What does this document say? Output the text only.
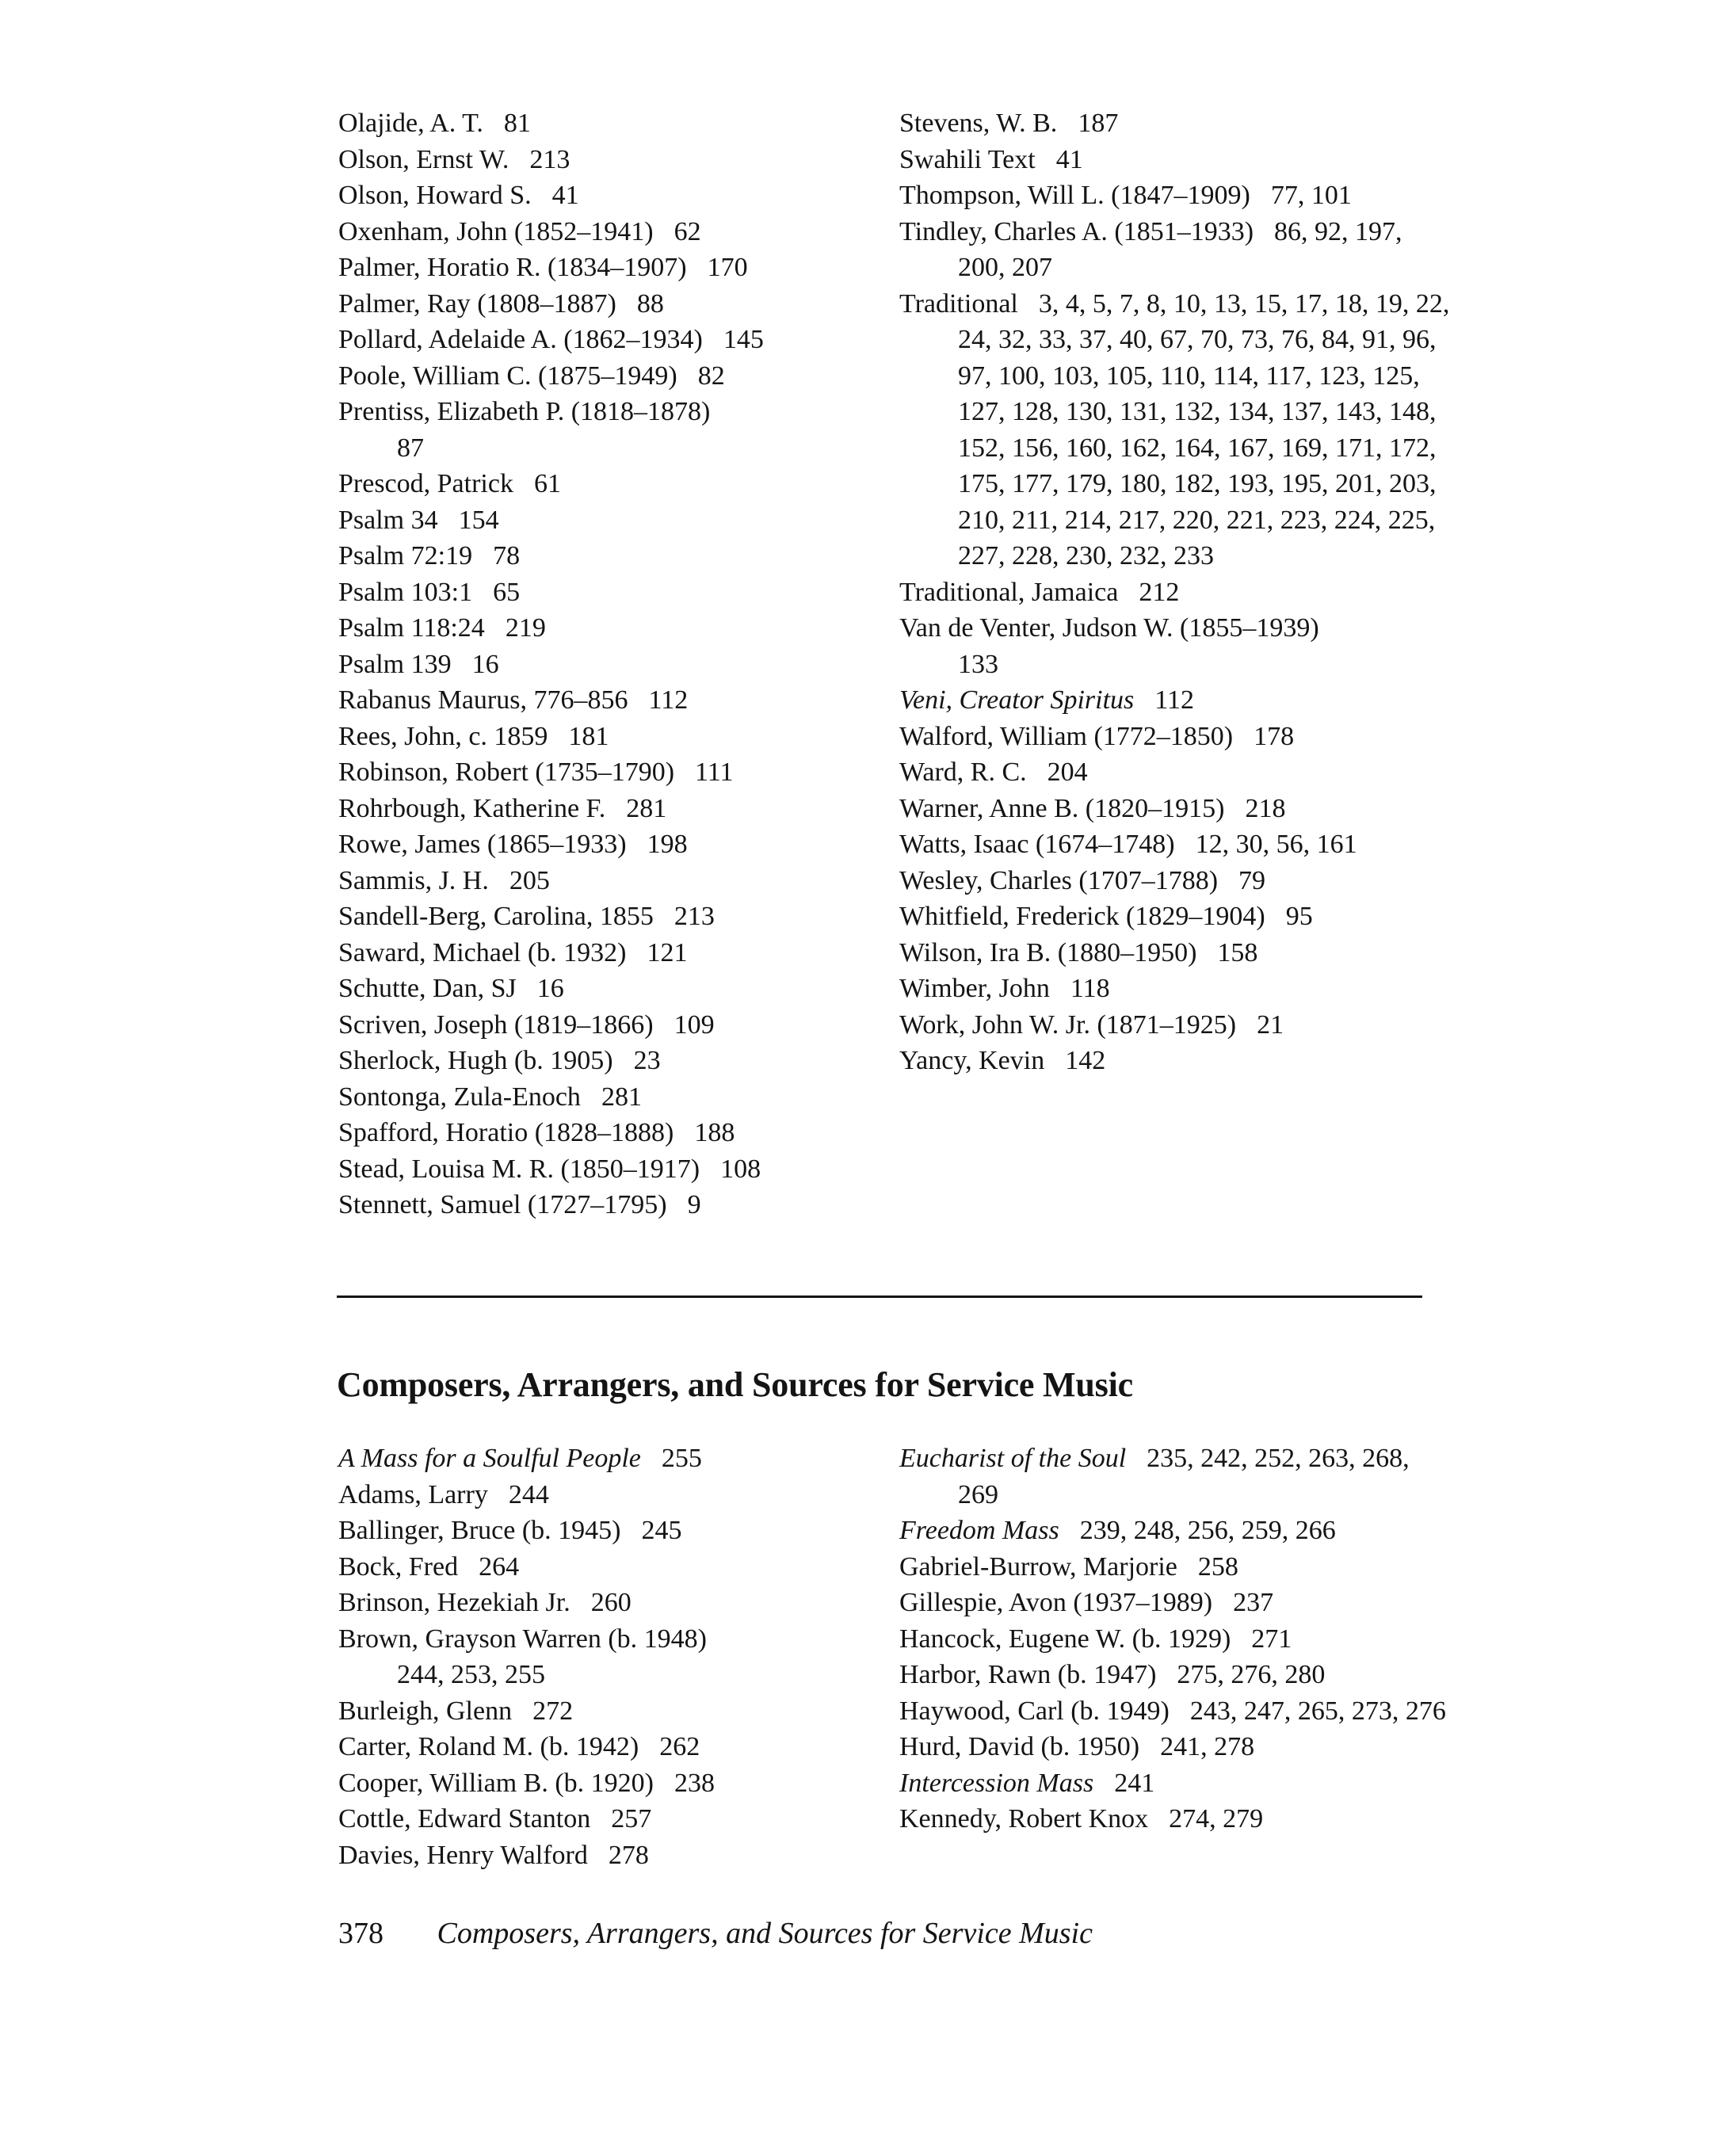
Olajide, A. T. 81
Olson, Ernst W. 213
Olson, Howard S. 41
Oxenham, John (1852–1941) 62
Palmer, Horatio R. (1834–1907) 170
Palmer, Ray (1808–1887) 88
Pollard, Adelaide A. (1862–1934) 145
Poole, William C. (1875–1949) 82
Prentiss, Elizabeth P. (1818–1878)
87
Prescod, Patrick 61
Psalm 34 154
Psalm 72:19 78
Psalm 103:1 65
Psalm 118:24 219
Psalm 139 16
Rabanus Maurus, 776–856 112
Rees, John, c. 1859 181
Robinson, Robert (1735–1790) 111
Rohrbough, Katherine F. 281
Rowe, James (1865–1933) 198
Sammis, J. H. 205
Sandell-Berg, Carolina, 1855 213
Saward, Michael (b. 1932) 121
Schutte, Dan, SJ 16
Scriven, Joseph (1819–1866) 109
Sherlock, Hugh (b. 1905) 23
Sontonga, Zula-Enoch 281
Spafford, Horatio (1828–1888) 188
Stead, Louisa M. R. (1850–1917) 108
Stennett, Samuel (1727–1795) 9
Stevens, W. B. 187
Swahili Text 41
Thompson, Will L. (1847–1909) 77, 101
Tindley, Charles A. (1851–1933) 86, 92, 197, 200, 207
Traditional 3, 4, 5, 7, 8, 10, 13, 15, 17, 18, 19, 22, 24, 32, 33, 37, 40, 67, 70, 73, 76, 84, 91, 96, 97, 100, 103, 105, 110, 114, 117, 123, 125, 127, 128, 130, 131, 132, 134, 137, 143, 148, 152, 156, 160, 162, 164, 167, 169, 171, 172, 175, 177, 179, 180, 182, 193, 195, 201, 203, 210, 211, 214, 217, 220, 221, 223, 224, 225, 227, 228, 230, 232, 233
Traditional, Jamaica 212
Van de Venter, Judson W. (1855–1939)
133
Veni, Creator Spiritus 112
Walford, William (1772–1850) 178
Ward, R. C. 204
Warner, Anne B. (1820–1915) 218
Watts, Isaac (1674–1748) 12, 30, 56, 161
Wesley, Charles (1707–1788) 79
Whitfield, Frederick (1829–1904) 95
Wilson, Ira B. (1880–1950) 158
Wimber, John 118
Work, John W. Jr. (1871–1925) 21
Yancy, Kevin 142
Composers, Arrangers, and Sources for Service Music
A Mass for a Soulful People 255
Adams, Larry 244
Ballinger, Bruce (b. 1945) 245
Bock, Fred 264
Brinson, Hezekiah Jr. 260
Brown, Grayson Warren (b. 1948)
244, 253, 255
Burleigh, Glenn 272
Carter, Roland M. (b. 1942) 262
Cooper, William B. (b. 1920) 238
Cottle, Edward Stanton 257
Davies, Henry Walford 278
Eucharist of the Soul 235, 242, 252, 263, 268, 269
Freedom Mass 239, 248, 256, 259, 266
Gabriel-Burrow, Marjorie 258
Gillespie, Avon (1937–1989) 237
Hancock, Eugene W. (b. 1929) 271
Harbor, Rawn (b. 1947) 275, 276, 280
Haywood, Carl (b. 1949) 243, 247, 265, 273, 276
Hurd, David (b. 1950) 241, 278
Intercession Mass 241
Kennedy, Robert Knox 274, 279
378 Composers, Arrangers, and Sources for Service Music
